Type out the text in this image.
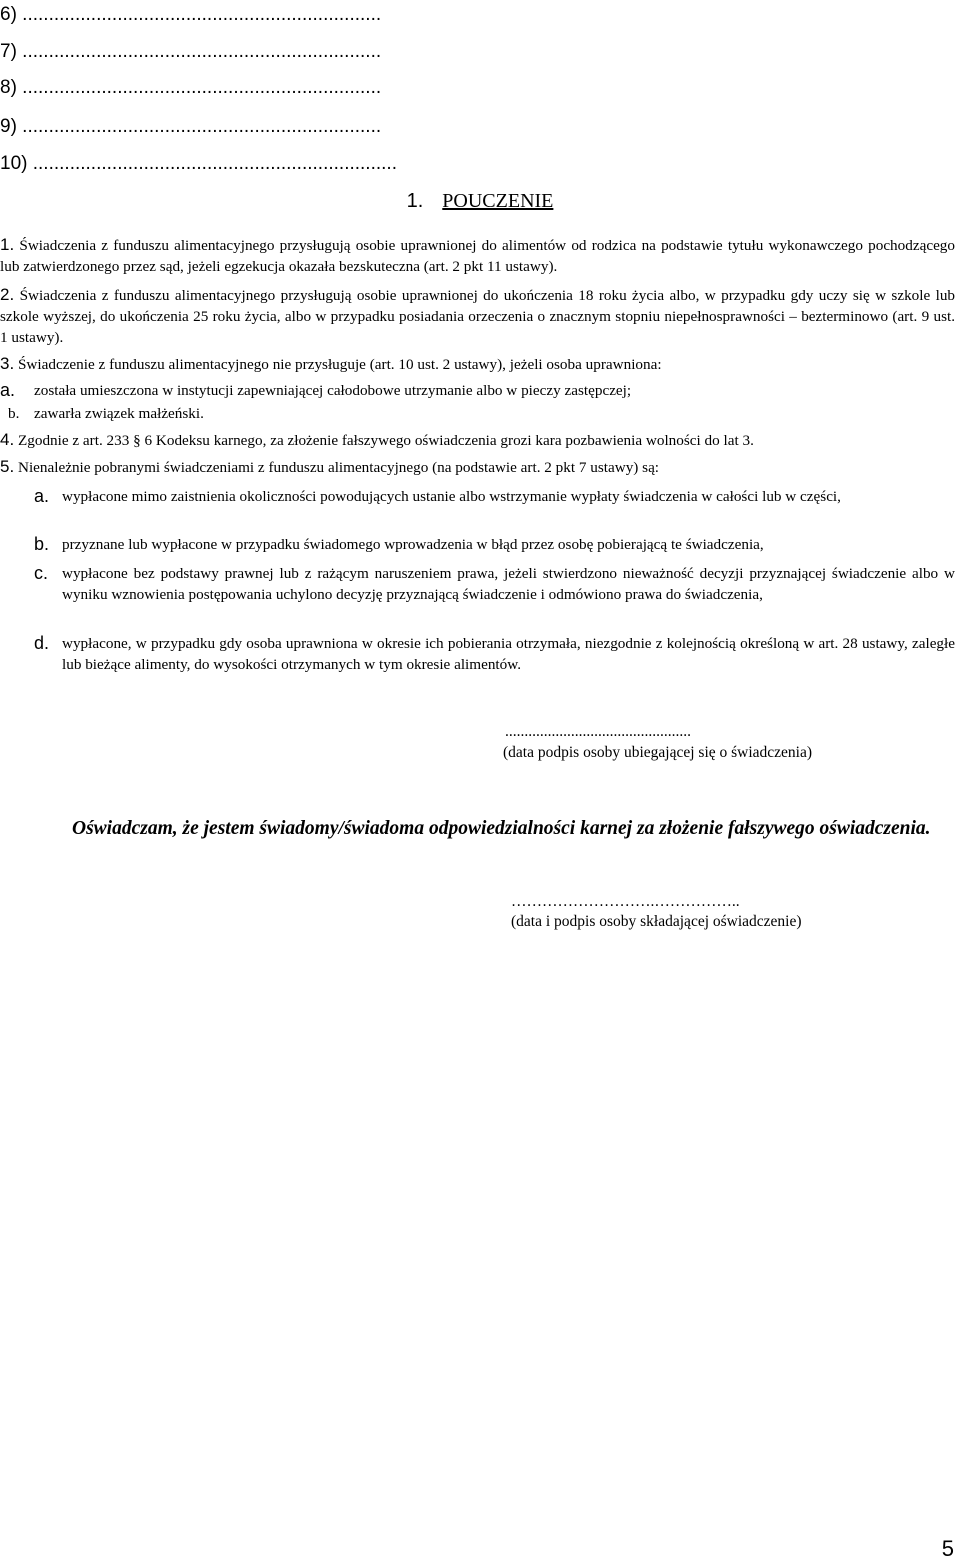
6) ....................................................................
7) ....................................................................
8) ....................................................................
9) ....................................................................
10) .....................................................................
1. POUCZENIE
1. Świadczenia z funduszu alimentacyjnego przysługują osobie uprawnionej do alimentów od rodzica na podstawie tytułu wykonawczego pochodzącego lub zatwierdzonego przez sąd, jeżeli egzekucja okazała bezskuteczna (art. 2 pkt 11 ustawy).
2. Świadczenia z funduszu alimentacyjnego przysługują osobie uprawnionej do ukończenia 18 roku życia albo, w przypadku gdy uczy się w szkole lub szkole wyższej, do ukończenia 25 roku życia, albo w przypadku posiadania orzeczenia o znacznym stopniu niepełnosprawności – bezterminowo (art. 9 ust. 1 ustawy).
3. Świadczenie z funduszu alimentacyjnego nie przysługuje (art. 10 ust. 2 ustawy), jeżeli osoba uprawniona:
a.	została umieszczona w instytucji zapewniającej całodobowe utrzymanie albo w pieczy zastępczej;
b. zawarła związek małżeński.
4. Zgodnie z art. 233 § 6 Kodeksu karnego, za złożenie fałszywego oświadczenia grozi kara pozbawienia wolności do lat 3.
5. Nienależnie pobranymi świadczeniami z funduszu alimentacyjnego (na podstawie art. 2 pkt 7 ustawy) są:
a. wypłacone mimo zaistnienia okoliczności powodujących ustanie albo wstrzymanie wypłaty świadczenia w całości lub w części,
b. przyznane lub wypłacone w przypadku świadomego wprowadzenia w błąd przez osobę pobierającą te świadczenia,
c. wypłacone bez podstawy prawnej lub z rażącym naruszeniem prawa, jeżeli stwierdzono nieważność decyzji przyznającej świadczenie albo w wyniku wznowienia postępowania uchylono decyzję przyznającą świadczenie i odmówiono prawa do świadczenia,
d. wypłacone, w przypadku gdy osoba uprawniona w okresie ich pobierania otrzymała, niezgodnie z kolejnością określoną w art. 28 ustawy, zaległe lub bieżące alimenty, do wysokości otrzymanych w tym okresie alimentów.
................................................
(data podpis osoby ubiegającej się o świadczenia)
Oświadczam, że jestem świadomy/świadoma odpowiedzialności karnej za złożenie fałszywego oświadczenia.
……………………….……………..
(data i podpis osoby składającej oświadczenie)
5
